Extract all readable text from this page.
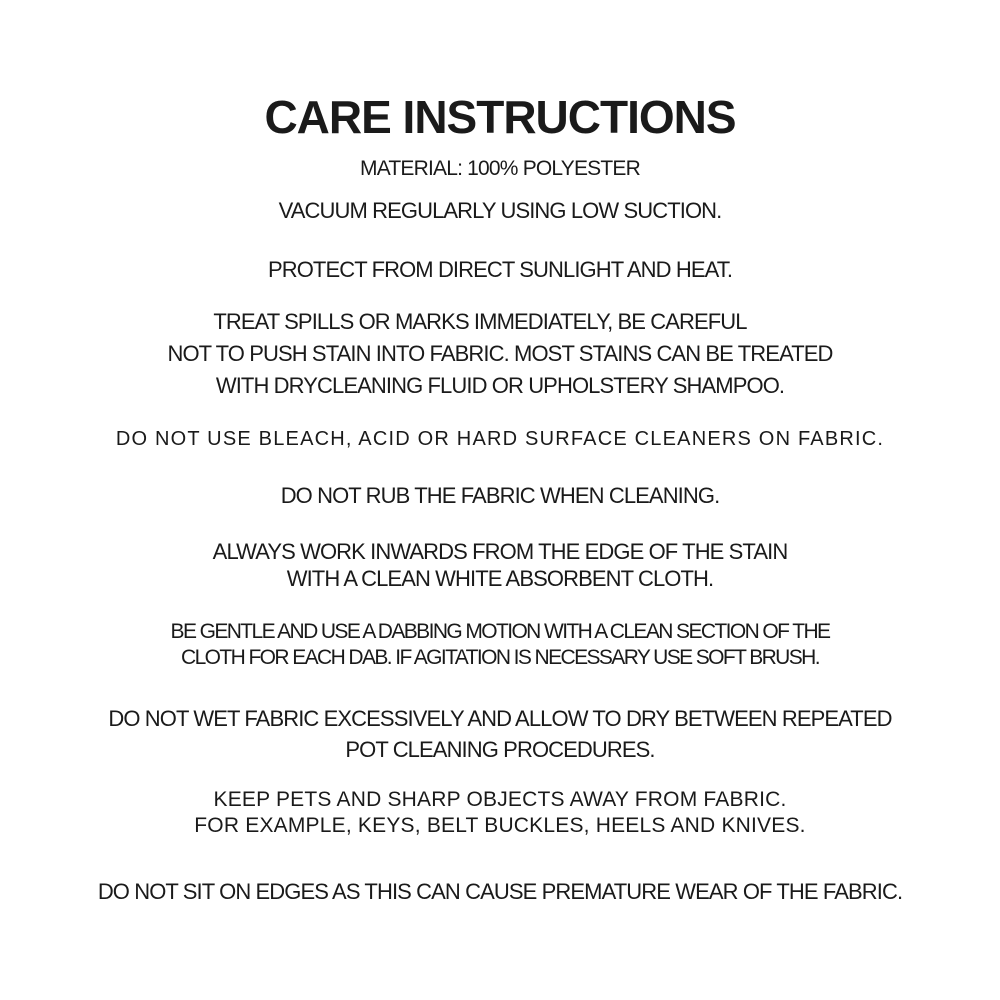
CARE INSTRUCTIONS
MATERIAL: 100% POLYESTER
VACUUM REGULARLY USING LOW SUCTION.
PROTECT FROM DIRECT SUNLIGHT AND HEAT.
TREAT SPILLS OR MARKS IMMEDIATELY, BE CAREFUL
NOT TO PUSH STAIN INTO FABRIC. MOST STAINS CAN BE TREATED
WITH DRYCLEANING FLUID OR UPHOLSTERY SHAMPOO.
DO NOT USE BLEACH, ACID OR HARD SURFACE CLEANERS ON FABRIC.
DO NOT RUB THE FABRIC WHEN CLEANING.
ALWAYS WORK INWARDS FROM THE EDGE OF THE STAIN
WITH A CLEAN WHITE ABSORBENT CLOTH.
BE GENTLE AND USE A DABBING MOTION WITH A CLEAN SECTION OF THE
CLOTH FOR EACH DAB. IF AGITATION IS NECESSARY USE SOFT BRUSH.
DO NOT WET FABRIC EXCESSIVELY AND ALLOW TO DRY BETWEEN REPEATED
POT CLEANING PROCEDURES.
KEEP PETS AND SHARP OBJECTS AWAY FROM FABRIC.
FOR EXAMPLE, KEYS, BELT BUCKLES, HEELS AND KNIVES.
DO NOT SIT ON EDGES AS THIS CAN CAUSE PREMATURE WEAR OF THE FABRIC.
